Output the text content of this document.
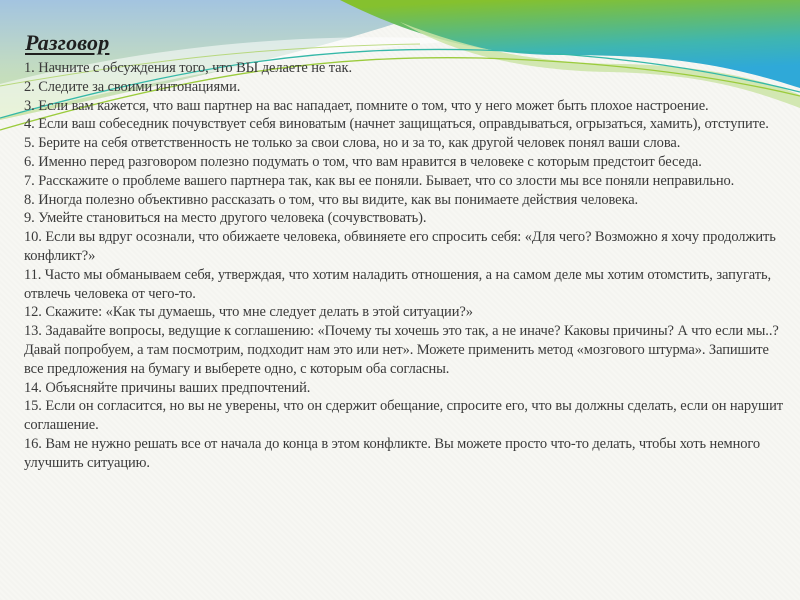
Разговор
1. Начните с обсуждения того, что ВЫ делаете не так.
2. Следите за своими интонациями.
3. Если вам кажется, что ваш партнер на вас нападает, помните о том, что у него может быть плохое настроение.
4. Если ваш собеседник почувствует себя виноватым (начнет защищаться, оправдываться, огрызаться, хамить), отступите.
5. Берите на себя ответственность не только за свои слова, но и за то, как другой человек понял ваши слова.
6. Именно перед разговором полезно подумать о том, что вам нравится в человеке с которым предстоит беседа.
7. Расскажите о проблеме вашего партнера так, как вы ее поняли. Бывает, что со злости мы все поняли неправильно.
8. Иногда полезно объективно рассказать о том, что вы видите, как вы понимаете действия человека.
9. Умейте становиться на место другого человека (сочувствовать).
10. Если вы вдруг осознали, что обижаете человека, обвиняете его спросить себя: «Для чего? Возможно я хочу продолжить конфликт?»
11. Часто мы обманываем себя, утверждая, что хотим наладить отношения, а на самом деле мы хотим отомстить, запугать, отвлечь человека от чего-то.
12. Скажите: «Как ты думаешь, что мне следует делать в этой ситуации?»
13. Задавайте вопросы, ведущие к соглашению: «Почему ты хочешь это так, а не иначе? Каковы причины? А что если мы..? Давай попробуем, а там посмотрим, подходит нам это или нет». Можете применить метод «мозгового штурма». Запишите все предложения на бумагу и выберете одно, с которым оба согласны.
14. Объясняйте причины ваших предпочтений.
15. Если он согласится, но вы не уверены, что он сдержит обещание, спросите его, что вы должны сделать, если он нарушит соглашение.
16. Вам не нужно решать все от начала до конца в этом конфликте. Вы можете просто что-то делать, чтобы хоть немного улучшить ситуацию.
